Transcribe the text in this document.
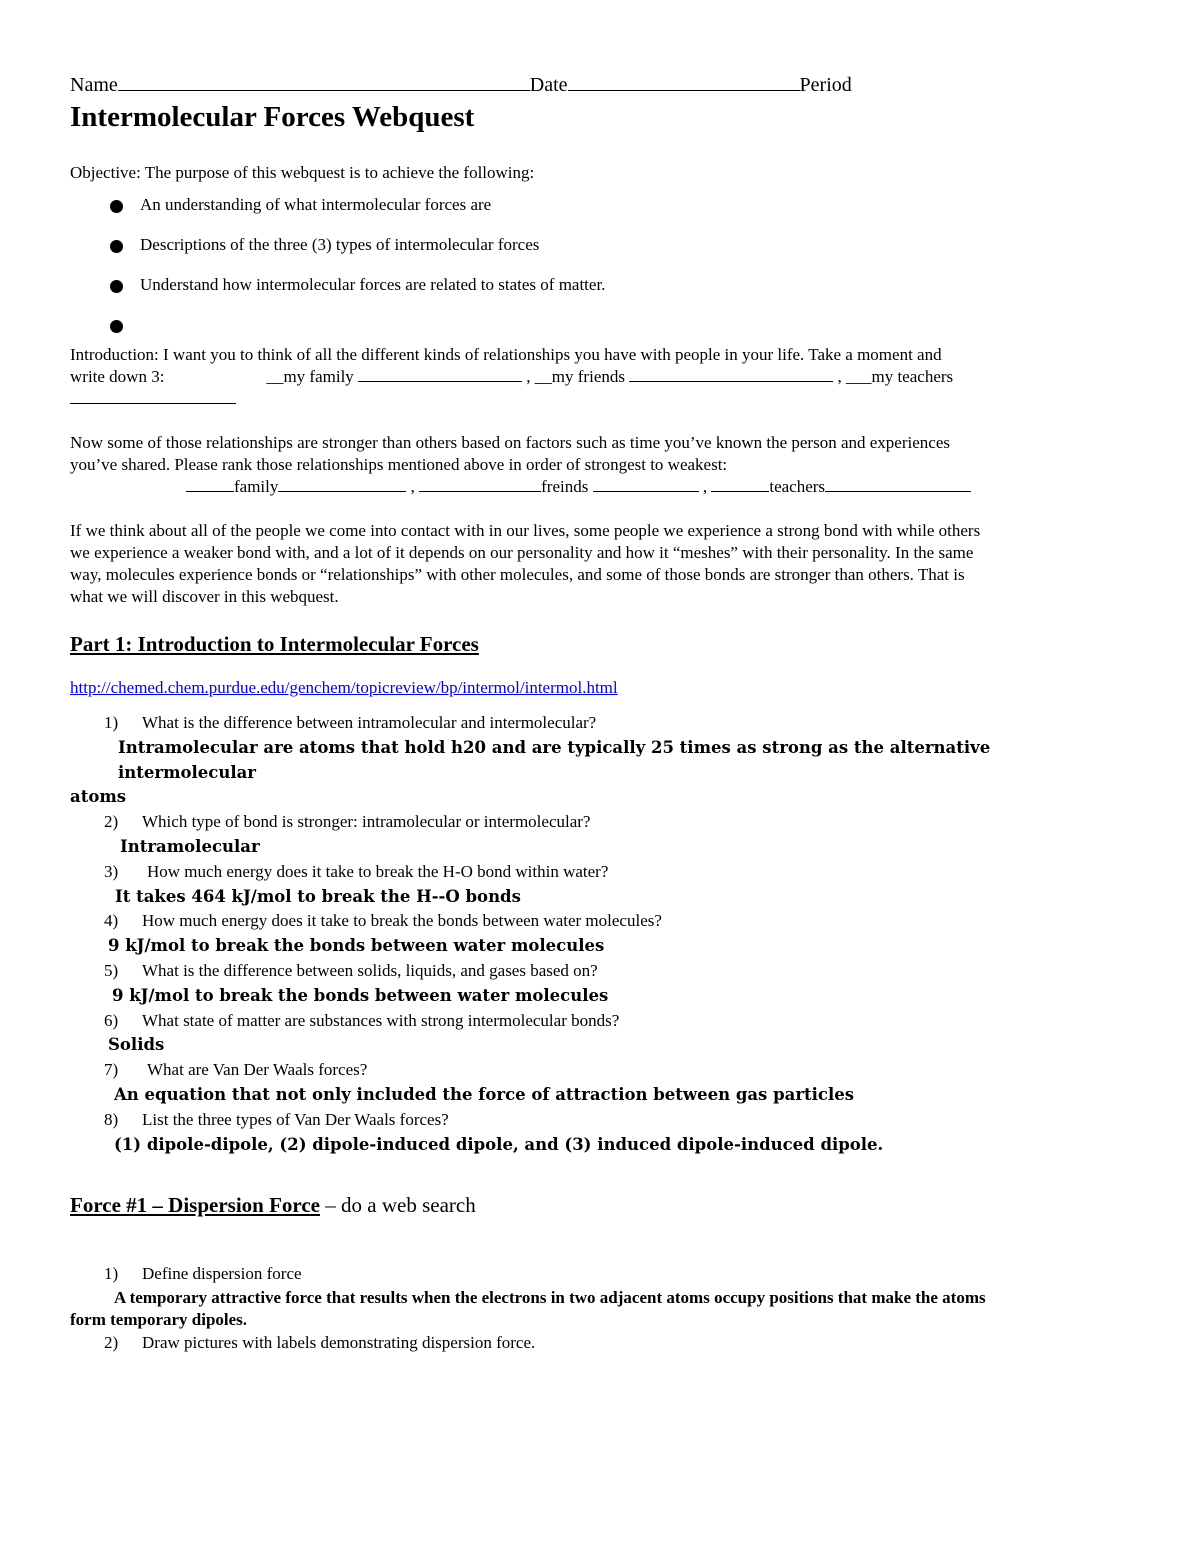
Name	Date	Period
Intermolecular Forces Webquest

Objective: The purpose of this webquest is to achieve the following:

An understanding of what intermolecular forces are
Descriptions of the three (3) types of intermolecular forces
Understand how intermolecular forces are related to states of matter.

Introduction: I want you to think of all the different kinds of relationships you have with people in your life. Take a moment and

write down 3:	__my family	, __my friends	, ___my teachers

Now some of those relationships are stronger than others based on factors such as time you’ve known the person and experiences

you’ve shared. Please rank those relationships mentioned above in order of strongest to weakest:

family	,	freinds	,	teachers

If we think about all of the people we come into contact with in our lives, some people we experience a strong bond with while others

we experience a weaker bond with, and a lot of it depends on our personality and how it “meshes” with their personality. In the same

way, molecules experience bonds or “relationships” with other molecules, and some of those bonds are stronger than others. That is

what we will discover in this webquest.

Part 1: Introduction to Intermolecular Forces
http://chemed.chem.purdue.edu/genchem/topicreview/bp/intermol/intermol.html
1)	What is the difference between intramolecular and intermolecular?
Intramolecular are atoms that hold h20 and are typically 25 times as strong as the alternative intermolecular
atoms
2)	Which type of bond is stronger: intramolecular or intermolecular?
Intramolecular
3)	How much energy does it take to break the H-O bond within water?
It takes 464 kJ/mol to break the H--O bonds
4)	How much energy does it take to break the bonds between water molecules?
9 kJ/mol to break the bonds between water molecules
5)	What is the difference between solids, liquids, and gases based on?
9 kJ/mol to break the bonds between water molecules
6)	What state of matter are substances with strong intermolecular bonds?
Solids
7)	What are Van Der Waals forces?
An equation that not only included the force of attraction between gas particles
8)	List the three types of Van Der Waals forces?
(1) dipole-dipole, (2) dipole-induced dipole, and (3) induced dipole-induced dipole.
Force #1 – Dispersion Force – do a web search
1)	Define dispersion force
A temporary attractive force that results when the electrons in two adjacent atoms occupy positions that make the atoms
form temporary dipoles.
2)	Draw pictures with labels demonstrating dispersion force.
